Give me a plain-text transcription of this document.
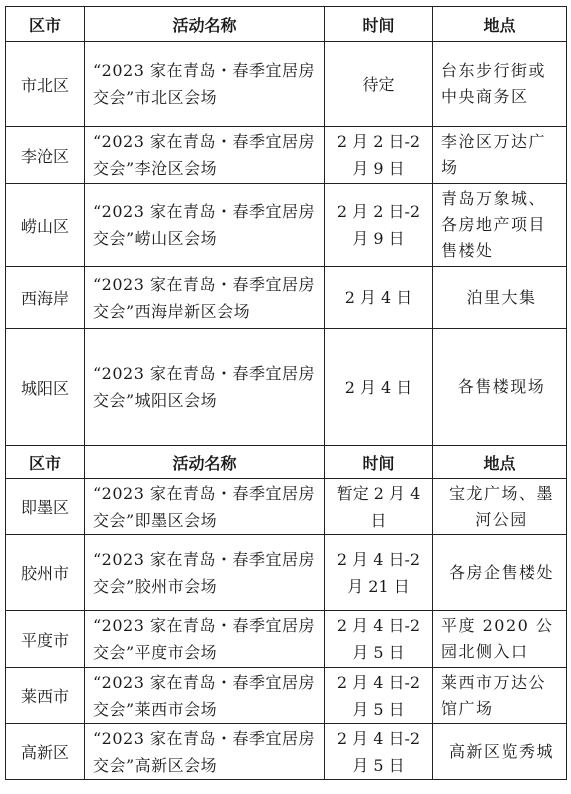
区市	活动名称	时间	地点
市北区	“2023 家在青岛・春季宜居房交会”市北区会场	待定	台东步行街或中央商务区
李沧区	“2023 家在青岛・春季宜居房交会”李沧区会场	2 月 2 日-2 月 9 日	李沧区万达广场
崂山区	“2023 家在青岛・春季宜居房交会”崂山区会场	2 月 2 日-2 月 9 日	青岛万象城、各房地产项目售楼处
西海岸	“2023 家在青岛・春季宜居房交会”西海岸新区会场	2 月 4 日	泊里大集
城阳区	“2023 家在青岛・春季宜居房交会”城阳区会场	2 月 4 日	各售楼现场
区市	活动名称	时间	地点
即墨区	“2023 家在青岛・春季宜居房交会”即墨区会场	暂定 2 月 4 日	宝龙广场、墨河公园
胶州市	“2023 家在青岛・春季宜居房交会”胶州市会场	2 月 4 日-2 月 21 日	各房企售楼处
平度市	“2023 家在青岛・春季宜居房交会”平度市会场	2 月 4 日-2 月 5 日	平度 2020 公园北侧入口
莱西市	“2023 家在青岛・春季宜居房交会”莱西市会场	2 月 4 日-2 月 5 日	莱西市万达公馆广场
高新区	“2023 家在青岛・春季宜居房交会”高新区会场	2 月 4 日-2 月 5 日	高新区览秀城
